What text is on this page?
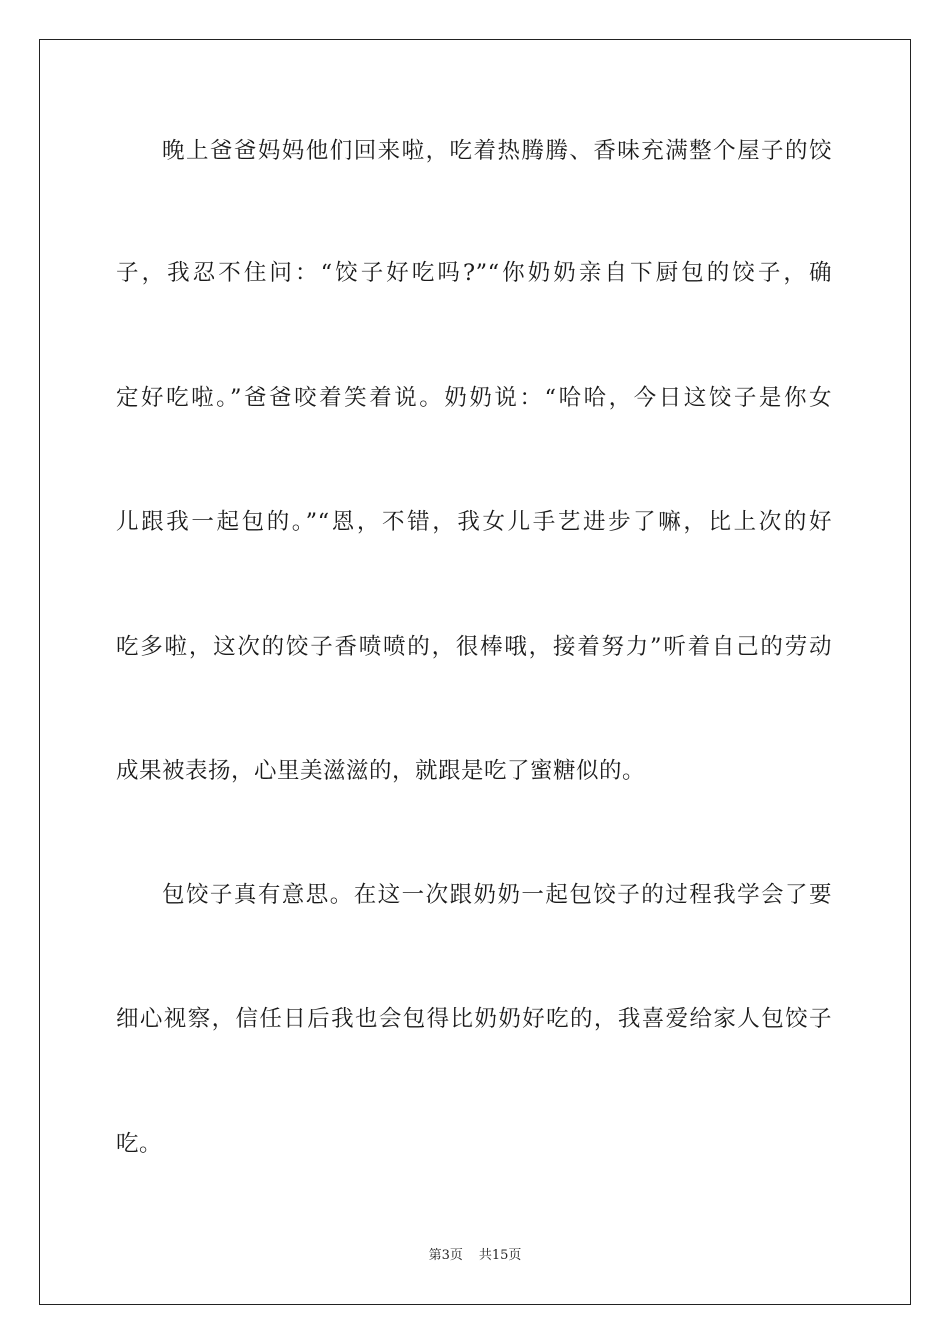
晚上爸爸妈妈他们回来啦，吃着热腾腾、香味充满整个屋子的饺
子，我忍不住问：“饺子好吃吗?”“你奶奶亲自下厨包的饺子，确
定好吃啦。”爸爸咬着笑着说。奶奶说：“哈哈，今日这饺子是你女
儿跟我一起包的。”“恩，不错，我女儿手艺进步了嘛，比上次的好
吃多啦，这次的饺子香喷喷的，很棒哦，接着努力”听着自己的劳动
成果被表扬，心里美滋滋的，就跟是吃了蜜糖似的。
包饺子真有意思。在这一次跟奶奶一起包饺子的过程我学会了要
细心视察，信任日后我也会包得比奶奶好吃的，我喜爱给家人包饺子
吃。
第3页 共15页
